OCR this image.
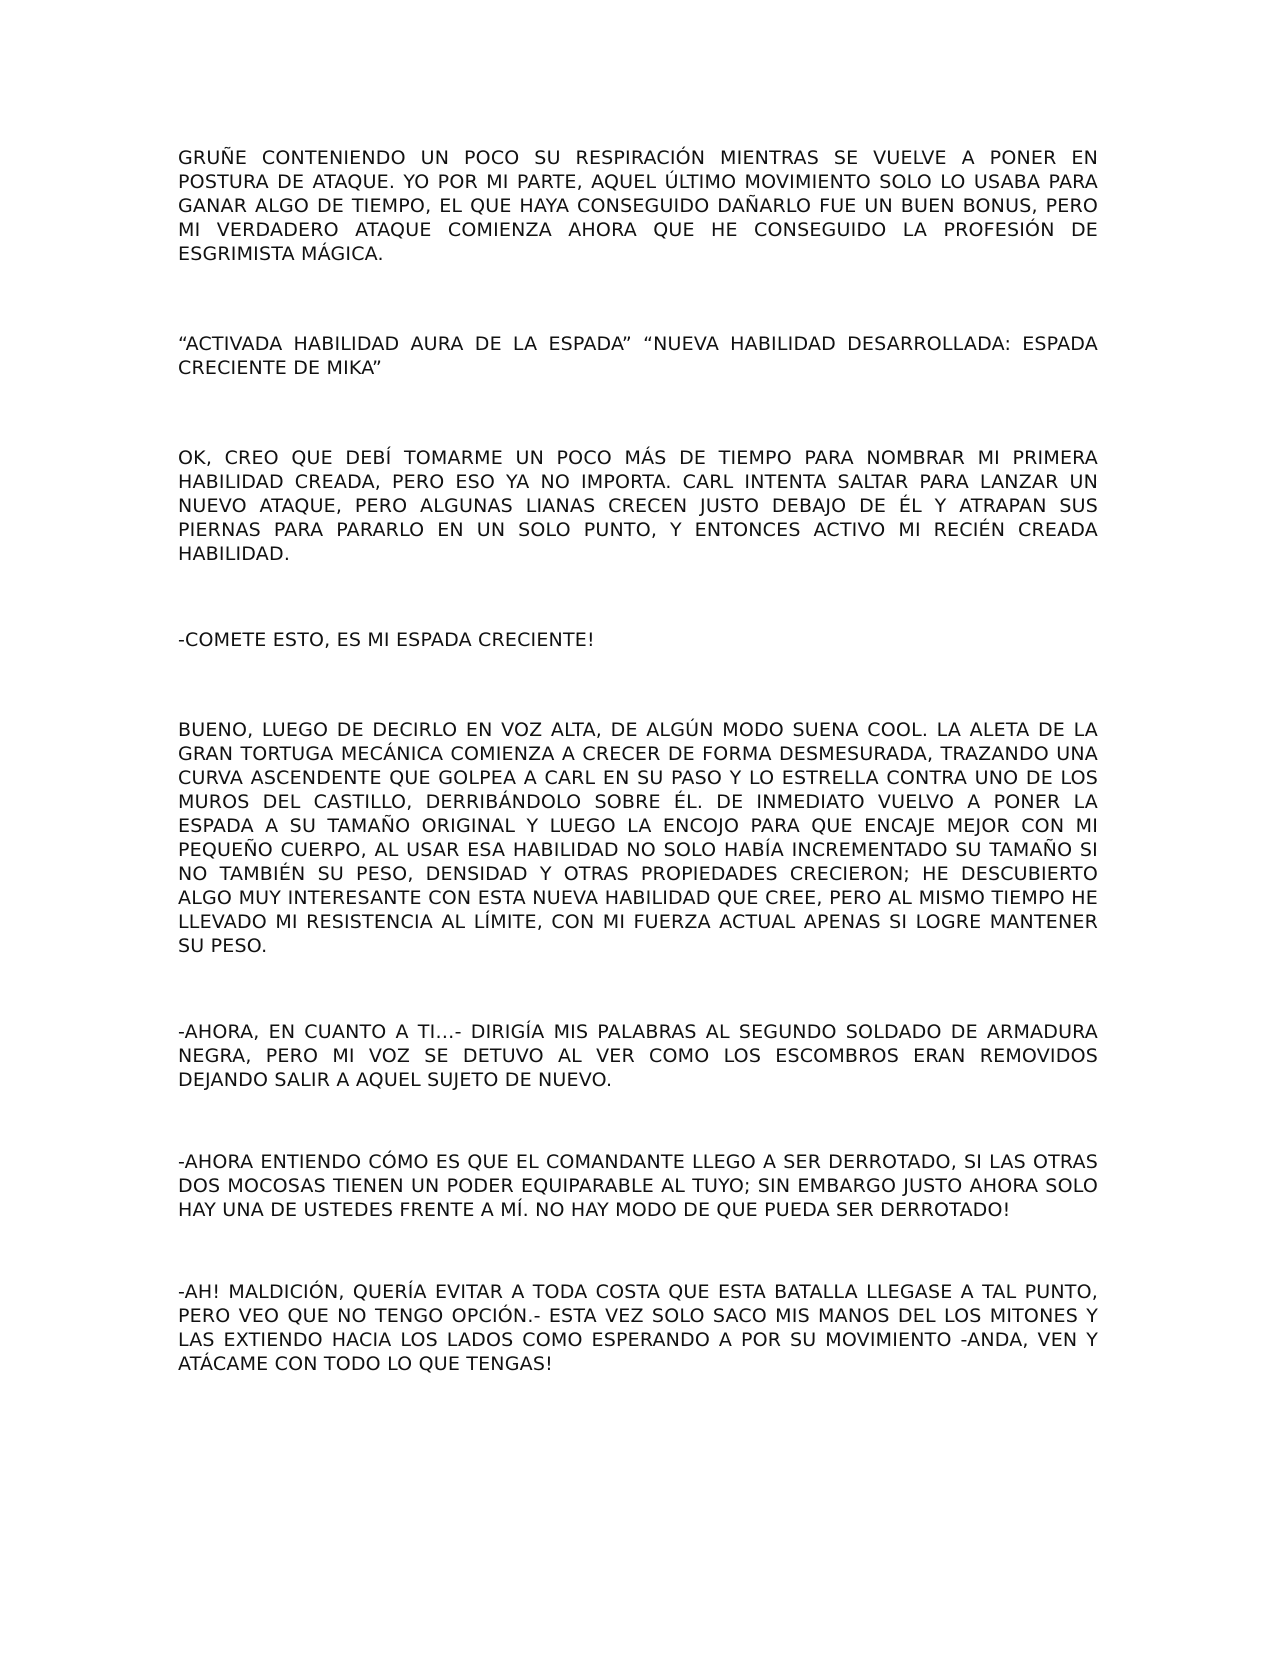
GRUÑE CONTENIENDO UN POCO SU RESPIRACIÓN MIENTRAS SE VUELVE A PONER EN POSTURA DE ATAQUE. YO POR MI PARTE, AQUEL ÚLTIMO MOVIMIENTO SOLO LO USABA PARA GANAR ALGO DE TIEMPO, EL QUE HAYA CONSEGUIDO DAÑARLO FUE UN BUEN BONUS, PERO MI VERDADERO ATAQUE COMIENZA AHORA QUE HE CONSEGUIDO LA PROFESIÓN DE ESGRIMISTA MÁGICA.

“ACTIVADA HABILIDAD AURA DE LA ESPADA” “NUEVA HABILIDAD DESARROLLADA: ESPADA CRECIENTE DE MIKA”

OK, CREO QUE DEBÍ TOMARME UN POCO MÁS DE TIEMPO PARA NOMBRAR MI PRIMERA HABILIDAD CREADA, PERO ESO YA NO IMPORTA. CARL INTENTA SALTAR PARA LANZAR UN NUEVO ATAQUE, PERO ALGUNAS LIANAS CRECEN JUSTO DEBAJO DE ÉL Y ATRAPAN SUS PIERNAS PARA PARARLO EN UN SOLO PUNTO, Y ENTONCES ACTIVO MI RECIÉN CREADA HABILIDAD.

-COMETE ESTO, ES MI ESPADA CRECIENTE!

BUENO, LUEGO DE DECIRLO EN VOZ ALTA, DE ALGÚN MODO SUENA COOL. LA ALETA DE LA GRAN TORTUGA MECÁNICA COMIENZA A CRECER DE FORMA DESMESURADA, TRAZANDO UNA CURVA ASCENDENTE QUE GOLPEA A CARL EN SU PASO Y LO ESTRELLA CONTRA UNO DE LOS MUROS DEL CASTILLO, DERRIBÁNDOLO SOBRE ÉL. DE INMEDIATO VUELVO A PONER LA ESPADA A SU TAMAÑO ORIGINAL Y LUEGO LA ENCOJO PARA QUE ENCAJE MEJOR CON MI PEQUEÑO CUERPO, AL USAR ESA HABILIDAD NO SOLO HABÍA INCREMENTADO SU TAMAÑO SI NO TAMBIÉN SU PESO, DENSIDAD Y OTRAS PROPIEDADES CRECIERON; HE DESCUBIERTO ALGO MUY INTERESANTE CON ESTA NUEVA HABILIDAD QUE CREE, PERO AL MISMO TIEMPO HE LLEVADO MI RESISTENCIA AL LÍMITE, CON MI FUERZA ACTUAL APENAS SI LOGRE MANTENER SU PESO.

-AHORA, EN CUANTO A TI…- DIRIGÍA MIS PALABRAS AL SEGUNDO SOLDADO DE ARMADURA NEGRA, PERO MI VOZ SE DETUVO AL VER COMO LOS ESCOMBROS ERAN REMOVIDOS DEJANDO SALIR A AQUEL SUJETO DE NUEVO.

-AHORA ENTIENDO CÓMO ES QUE EL COMANDANTE LLEGO A SER DERROTADO, SI LAS OTRAS DOS MOCOSAS TIENEN UN PODER EQUIPARABLE AL TUYO; SIN EMBARGO JUSTO AHORA SOLO HAY UNA DE USTEDES FRENTE A MÍ. NO HAY MODO DE QUE PUEDA SER DERROTADO!

-AH! MALDICIÓN, QUERÍA EVITAR A TODA COSTA QUE ESTA BATALLA LLEGASE A TAL PUNTO, PERO VEO QUE NO TENGO OPCIÓN.- ESTA VEZ SOLO SACO MIS MANOS DEL LOS MITONES Y LAS EXTIENDO HACIA LOS LADOS COMO ESPERANDO A POR SU MOVIMIENTO -ANDA, VEN Y ATÁCAME CON TODO LO QUE TENGAS!
